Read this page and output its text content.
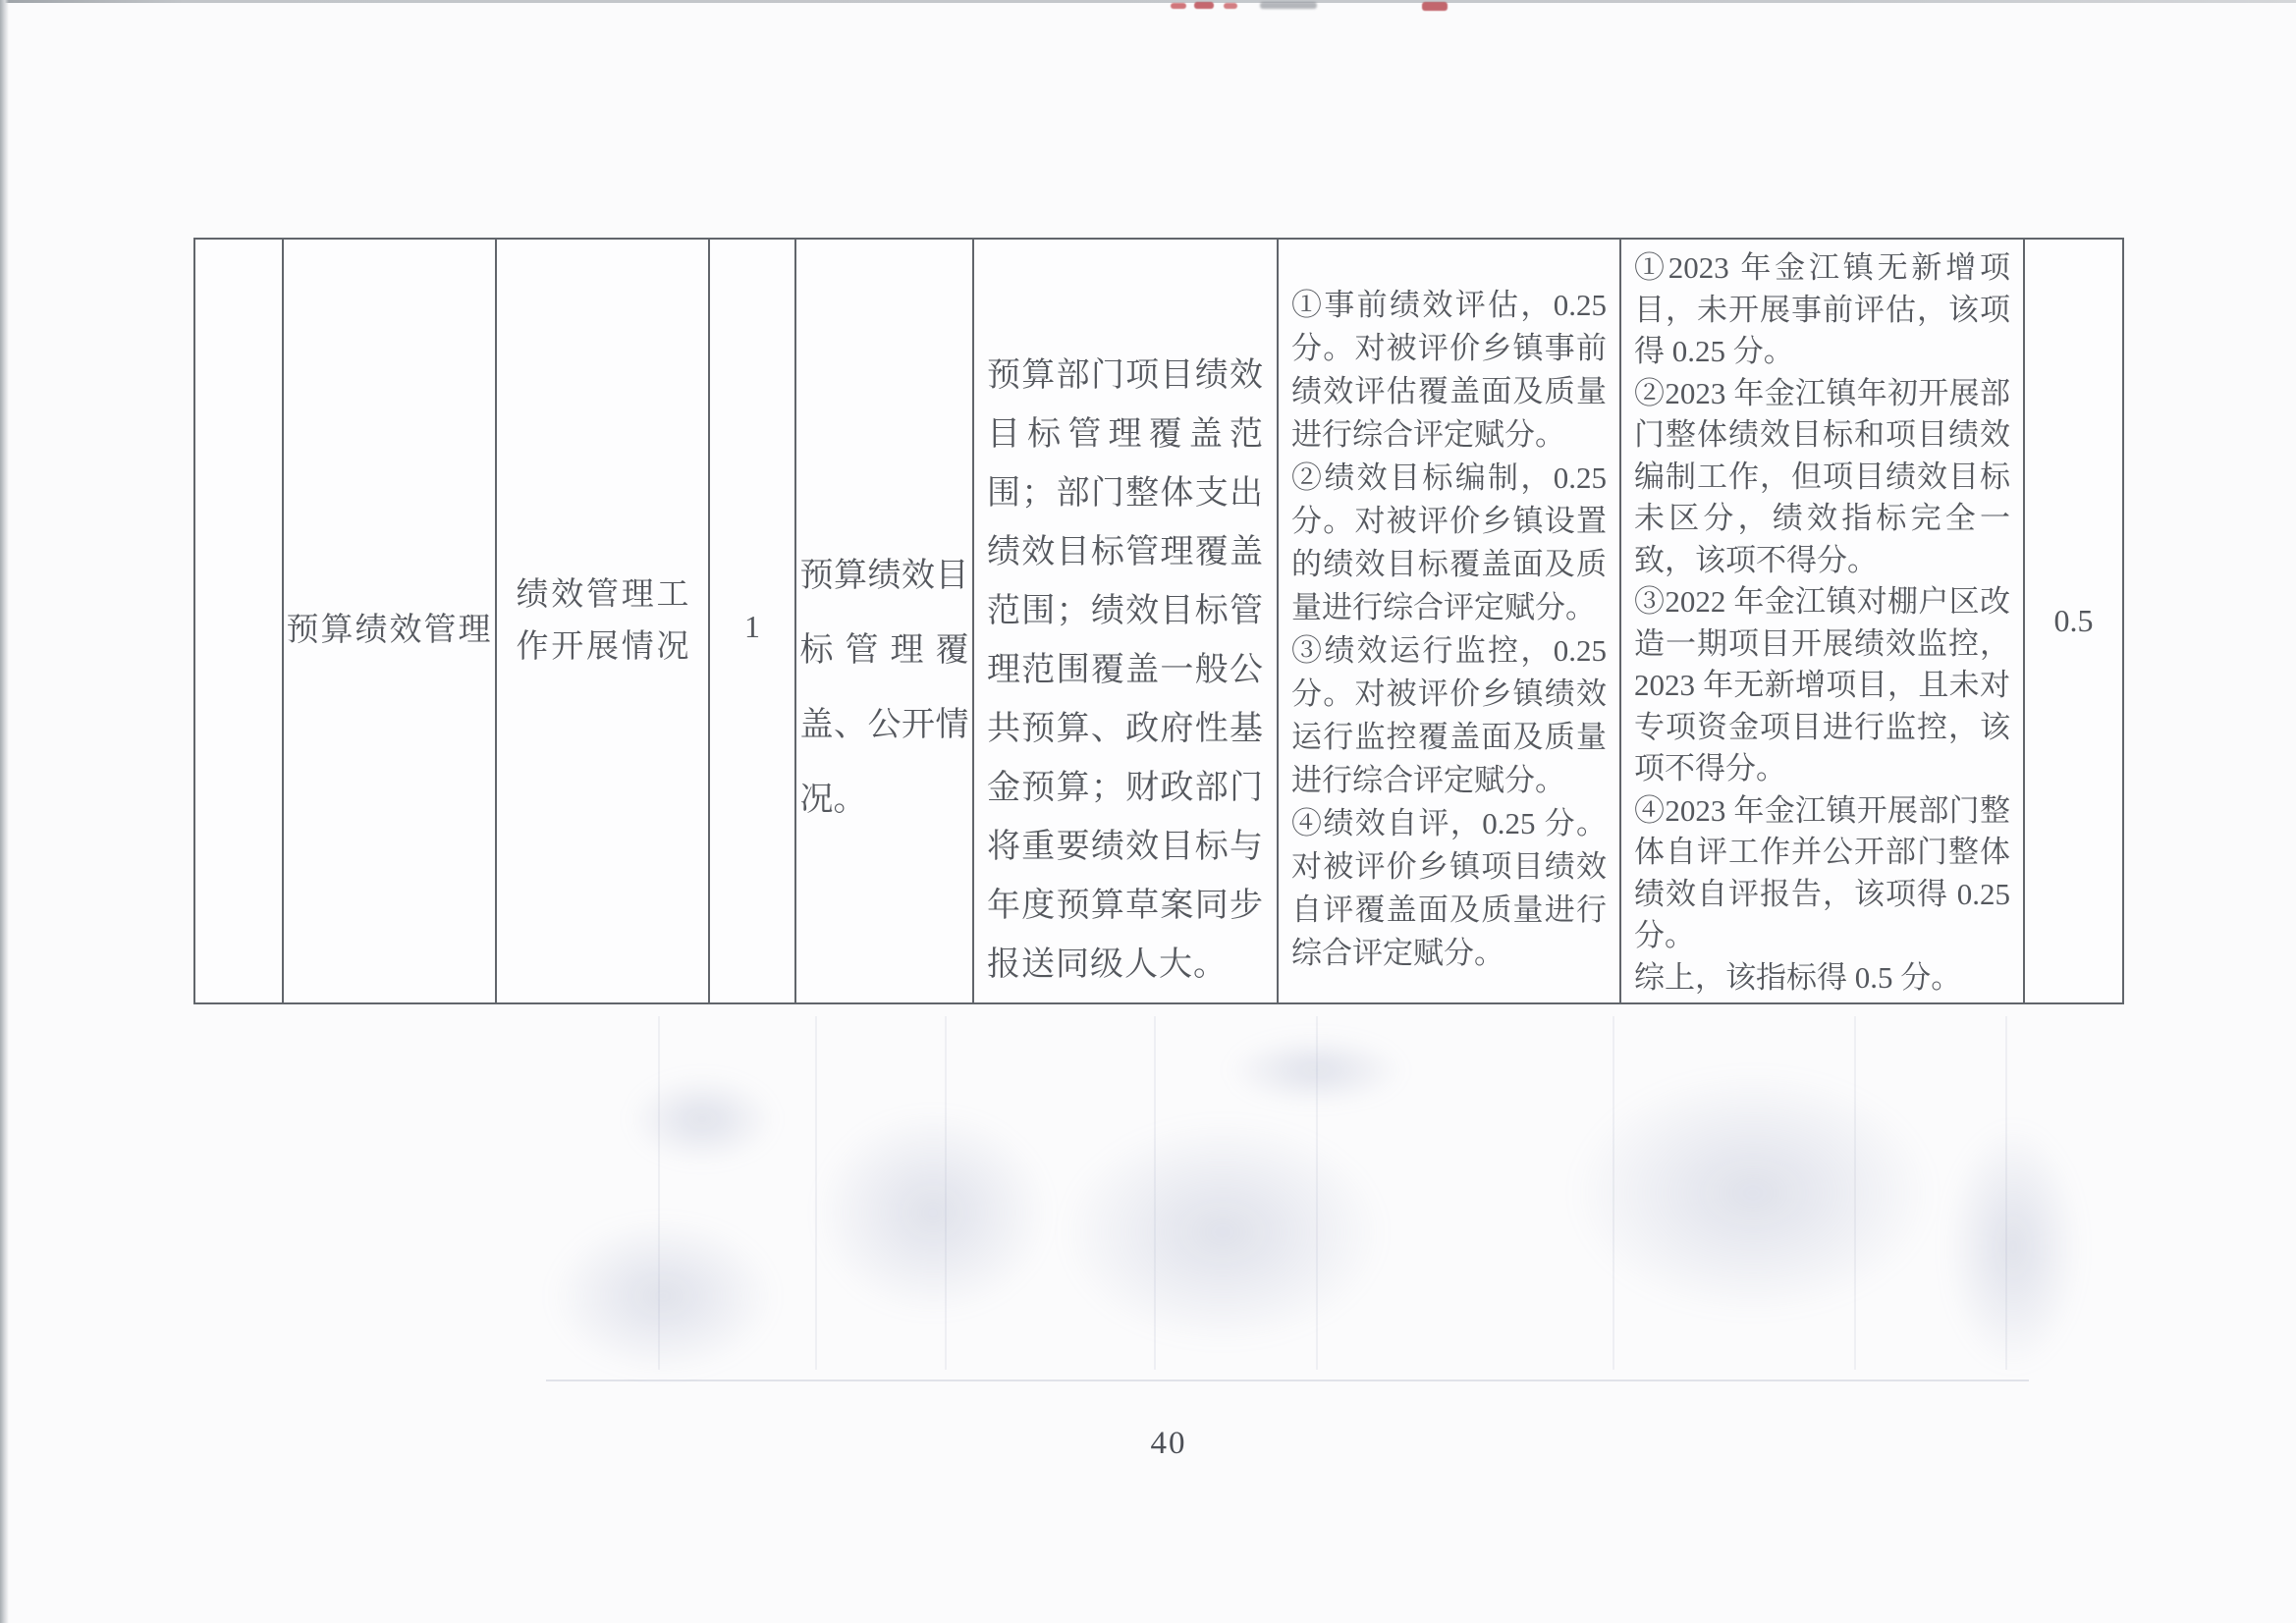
预算绩效管理
绩效管理工作开展情况
1
预算绩效目标管理覆盖、公开情况。
预算部门项目绩效目标管理覆盖范围；部门整体支出绩效目标管理覆盖范围；绩效目标管理范围覆盖一般公共预算、政府性基金预算；财政部门将重要绩效目标与年度预算草案同步报送同级人大。

①事前绩效评估，0.25 分。对被评价乡镇事前绩效评估覆盖面及质量进行综合评定赋分。

②绩效目标编制，0.25 分。对被评价乡镇设置的绩效目标覆盖面及质量进行综合评定赋分。

③绩效运行监控，0.25 分。对被评价乡镇绩效运行监控覆盖面及质量进行综合评定赋分。

④绩效自评，0.25 分。对被评价乡镇项目绩效自评覆盖面及质量进行综合评定赋分。

①2023 年金江镇无新增项目，未开展事前评估，该项得 0.25 分。

②2023 年金江镇年初开展部门整体绩效目标和项目绩效编制工作，但项目绩效目标未区分，绩效指标完全一致，该项不得分。

③2022 年金江镇对棚户区改造一期项目开展绩效监控，2023 年无新增项目，且未对专项资金项目进行监控，该项不得分。

④2023 年金江镇开展部门整体自评工作并公开部门整体绩效自评报告，该项得 0.25 分。

综上，该指标得 0.5 分。

0.5
40
